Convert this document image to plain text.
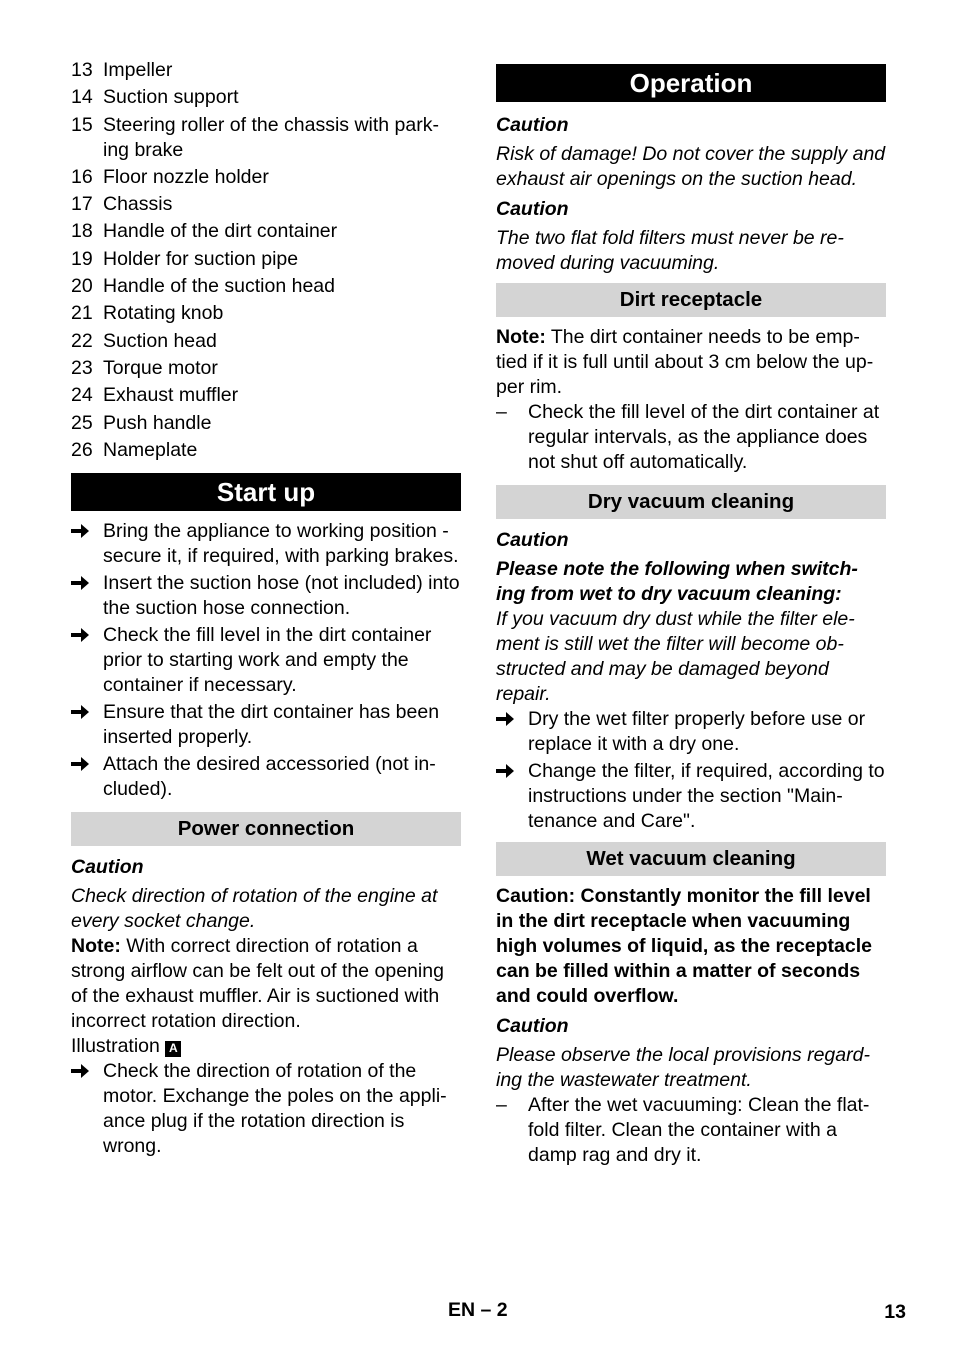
13 Impeller
14 Suction support
15 Steering roller of the chassis with park-ing brake
16 Floor nozzle holder
17 Chassis
18 Handle of the dirt container
19 Holder for suction pipe
20 Handle of the suction head
21 Rotating knob
22 Suction head
23 Torque motor
24 Exhaust muffler
25 Push handle
26 Nameplate
Start up
Bring the appliance to working position - secure it, if required, with parking brakes.
Insert the suction hose (not included) into the suction hose connection.
Check the fill level in the dirt container prior to starting work and empty the container if necessary.
Ensure that the dirt container has been inserted properly.
Attach the desired accessoried (not in-cluded).
Power connection

Caution

Check direction of rotation of the engine at every socket change.

Note: With correct direction of rotation a strong airflow can be felt out of the opening of the exhaust muffler. Air is suctioned with incorrect rotation direction.

Illustration A

Check the direction of rotation of the motor. Exchange the poles on the appli-ance plug if the rotation direction is wrong.
Operation

Caution

Risk of damage! Do not cover the supply and exhaust air openings on the suction head.

Caution

The two flat fold filters must never be re-moved during vacuuming.

Dirt receptacle

Note: The dirt container needs to be emp-tied if it is full until about 3 cm below the up-per rim.

–	Check the fill level of the dirt container at regular intervals, as the appliance does not shut off automatically.
Dry vacuum cleaning

Caution

Please note the following when switch-ing from wet to dry vacuum cleaning:

If you vacuum dry dust while the filter ele-ment is still wet the filter will become ob-structed and may be damaged beyond repair.

Dry the wet filter properly before use or replace it with a dry one.
Change the filter, if required, according to instructions under the section "Main-tenance and Care".
Wet vacuum cleaning

Caution: Constantly monitor the fill level in the dirt receptacle when vacuuming high volumes of liquid, as the receptacle can be filled within a matter of seconds and could overflow.

Caution

Please observe the local provisions regard-ing the wastewater treatment.

–	After the wet vacuuming: Clean the flat-fold filter. Clean the container with a damp rag and dry it.
EN – 2	13
